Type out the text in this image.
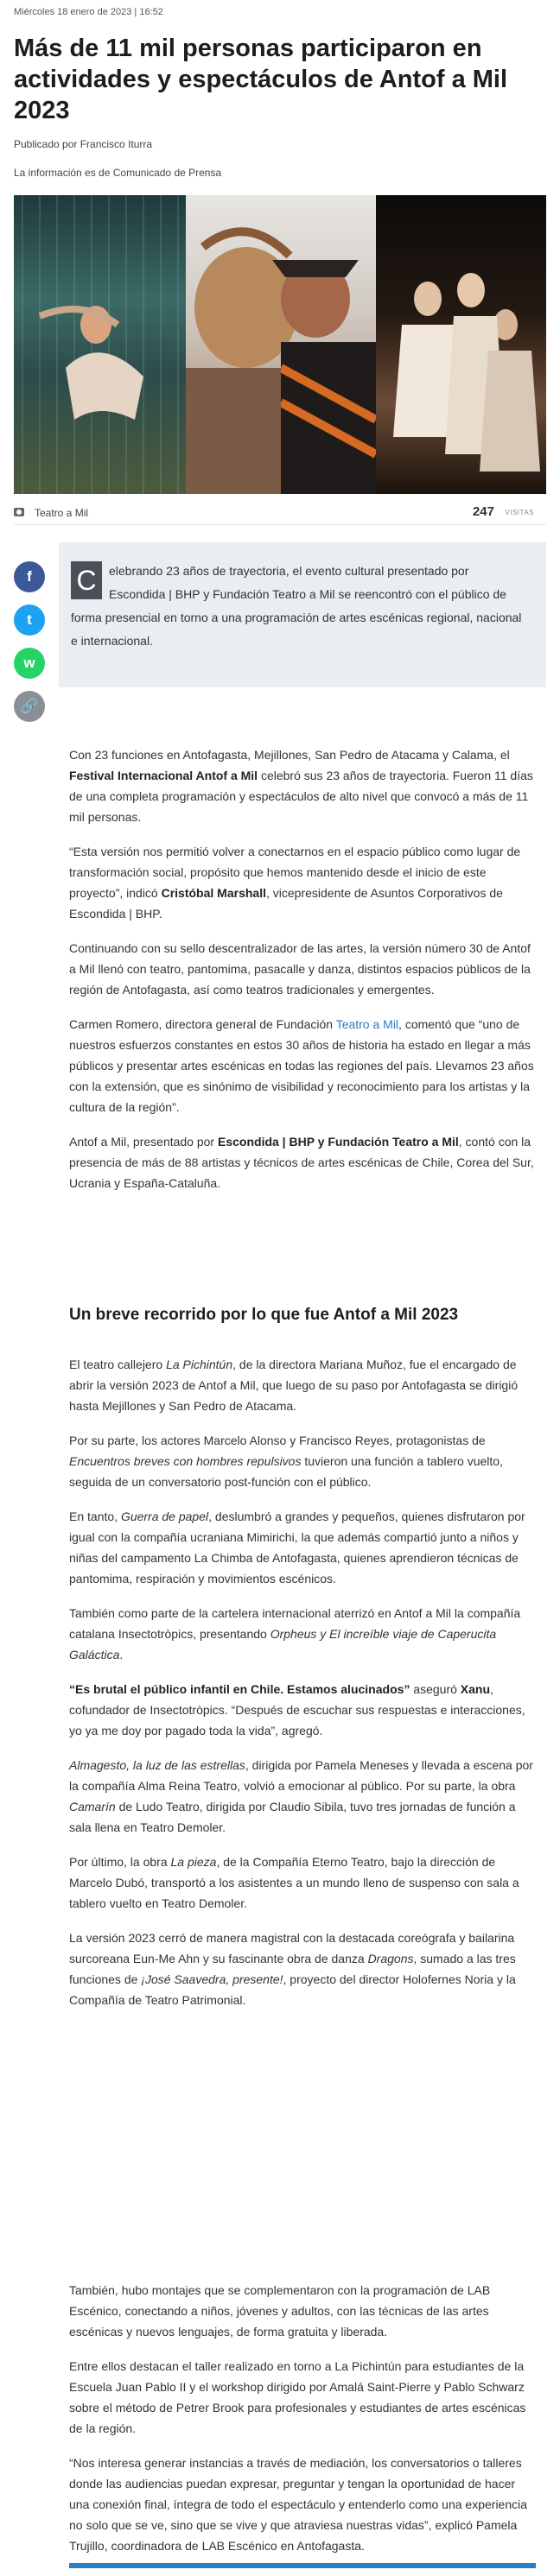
Miércoles 18 enero de 2023 | 16:52
Más de 11 mil personas participaron en actividades y espectáculos de Antof a Mil 2023
Publicado por Francisco Iturra
La información es de Comunicado de Prensa
Teatro a Mil	247 VISITAS
f
t
w
🔗
C	elebrando 23 años de trayectoria, el evento cultural presentado por Escondida | BHP y Fundación Teatro a Mil se reencontró con el público de forma presencial en torno a una programación de artes escénicas regional, nacional e internacional.

Con 23 funciones en Antofagasta, Mejillones, San Pedro de Atacama y Calama, el Festival Internacional Antof a Mil celebró sus 23 años de trayectoria. Fueron 11 días de una completa programación y espectáculos de alto nivel que convocó a más de 11 mil personas.

“Esta versión nos permitió volver a conectarnos en el espacio público como lugar de transformación social, propósito que hemos mantenido desde el inicio de este proyecto”, indicó Cristóbal Marshall, vicepresidente de Asuntos Corporativos de Escondida | BHP.

Continuando con su sello descentralizador de las artes, la versión número 30 de Antof a Mil llenó con teatro, pantomima, pasacalle y danza, distintos espacios públicos de la región de Antofagasta, así como teatros tradicionales y emergentes.

Carmen Romero, directora general de Fundación Teatro a Mil, comentó que “uno de nuestros esfuerzos constantes en estos 30 años de historia ha estado en llegar a más públicos y presentar artes escénicas en todas las regiones del país. Llevamos 23 años con la extensión, que es sinónimo de visibilidad y reconocimiento para los artistas y la cultura de la región”.

Antof a Mil, presentado por Escondida | BHP y Fundación Teatro a Mil, contó con la presencia de más de 88 artistas y técnicos de artes escénicas de Chile, Corea del Sur, Ucrania y España-Cataluña.

Un breve recorrido por lo que fue Antof a Mil 2023

El teatro callejero La Pichintún, de la directora Mariana Muñoz, fue el encargado de abrir la versión 2023 de Antof a Mil, que luego de su paso por Antofagasta se dirigió hasta Mejillones y San Pedro de Atacama.

Por su parte, los actores Marcelo Alonso y Francisco Reyes, protagonistas de Encuentros breves con hombres repulsivos tuvieron una función a tablero vuelto, seguida de un conversatorio post-función con el público.

En tanto, Guerra de papel, deslumbró a grandes y pequeños, quienes disfrutaron por igual con la compañía ucraniana Mimirichi, la que además compartió junto a niños y niñas del campamento La Chimba de Antofagasta, quienes aprendieron técnicas de pantomima, respiración y movimientos escénicos.

También como parte de la cartelera internacional aterrizó en Antof a Mil la compañía catalana Insectotròpics, presentando Orpheus y El increíble viaje de Caperucita Galáctica.

“Es brutal el público infantil en Chile. Estamos alucinados” aseguró Xanu, cofundador de Insectotròpics. “Después de escuchar sus respuestas e interacciones, yo ya me doy por pagado toda la vida”, agregó.

Almagesto, la luz de las estrellas, dirigida por Pamela Meneses y llevada a escena por la compañía Alma Reina Teatro, volvió a emocionar al público. Por su parte, la obra Camarín de Ludo Teatro, dirigida por Claudio Sibila, tuvo tres jornadas de función a sala llena en Teatro Demoler.

Por último, la obra La pieza, de la Compañía Eterno Teatro, bajo la dirección de Marcelo Dubó, transportó a los asistentes a un mundo lleno de suspenso con sala a tablero vuelto en Teatro Demoler.

La versión 2023 cerró de manera magistral con la destacada coreógrafa y bailarina surcoreana Eun-Me Ahn y su fascinante obra de danza Dragons, sumado a las tres funciones de ¡José Saavedra, presente!, proyecto del director Holofernes Noria y la Compañía de Teatro Patrimonial.

También, hubo montajes que se complementaron con la programación de LAB Escénico, conectando a niños, jóvenes y adultos, con las técnicas de las artes escénicas y nuevos lenguajes, de forma gratuita y liberada.

Entre ellos destacan el taller realizado en torno a La Pichintún para estudiantes de la Escuela Juan Pablo II y el workshop dirigido por Amalá Saint-Pierre y Pablo Schwarz sobre el método de Petrer Brook para profesionales y estudiantes de artes escénicas de la región.

“Nos interesa generar instancias a través de mediación, los conversatorios o talleres donde las audiencias puedan expresar, preguntar y tengan la oportunidad de hacer una conexión final, íntegra de todo el espectáculo y entenderlo como una experiencia no solo que se ve, sino que se vive y que atraviesa nuestras vidas”, explicó Pamela Trujillo, coordinadora de LAB Escénico en Antofagasta.
